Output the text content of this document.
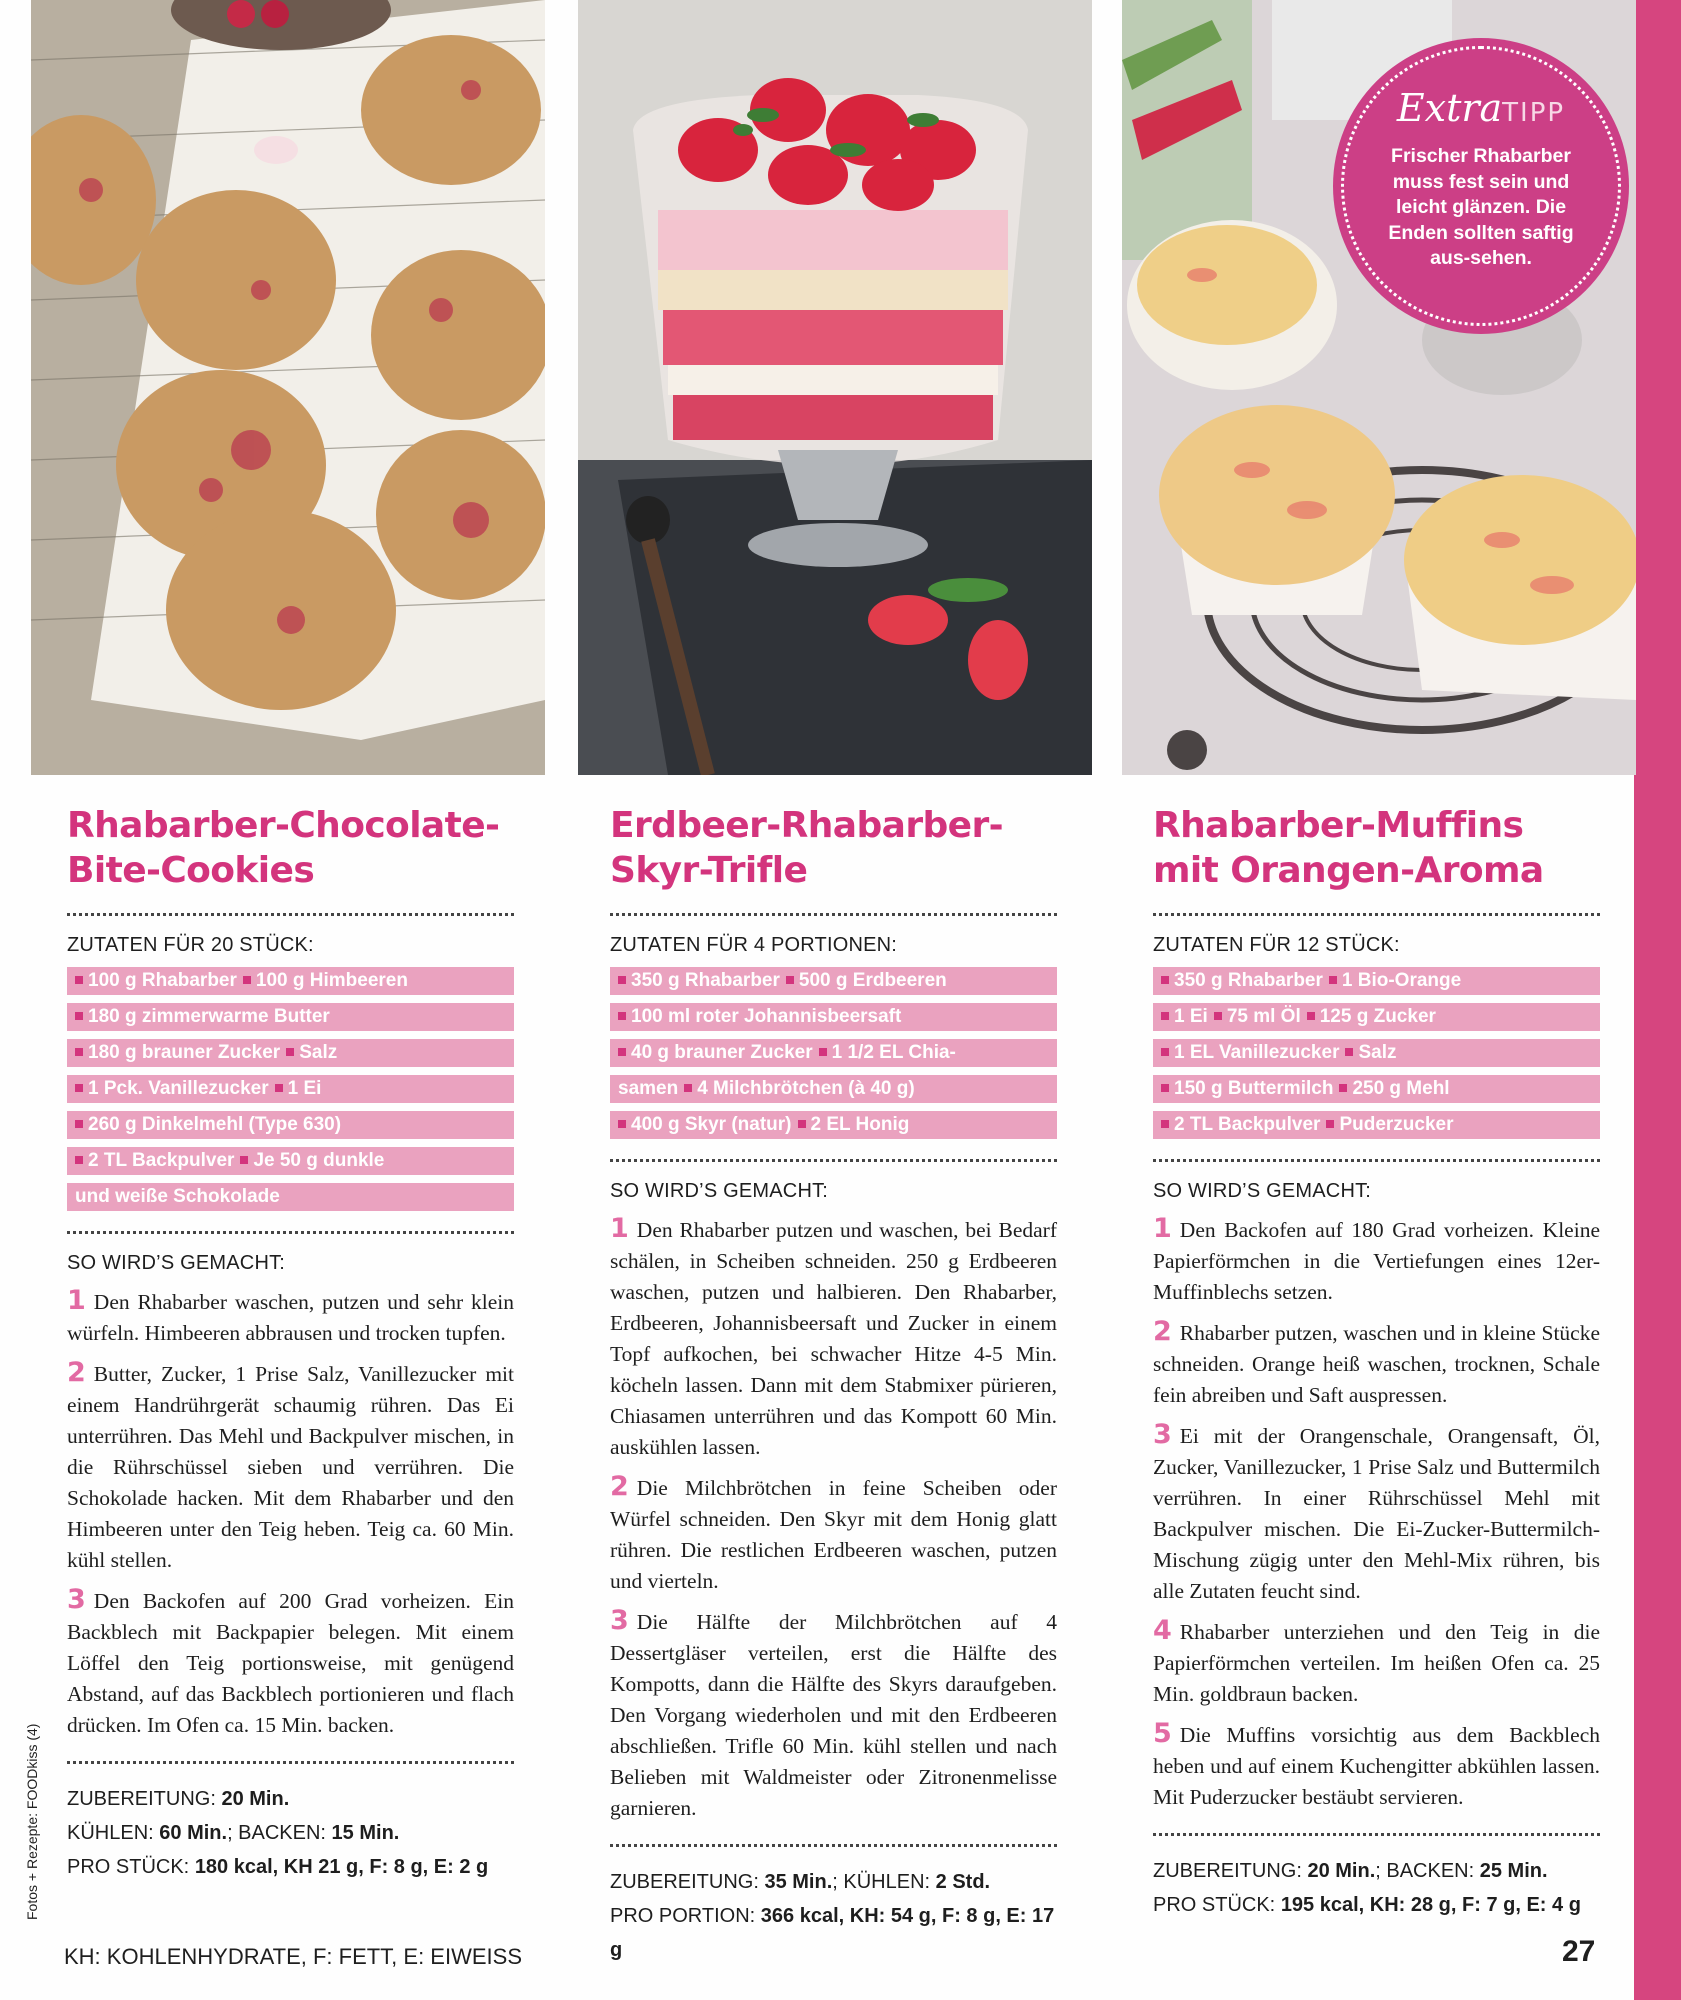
ExtraTIPP
Frischer Rhabarber muss fest sein und leicht glänzen. Die Enden sollten saftig aus-sehen.
Rhabarber-Chocolate-
Bite-Cookies
ZUTATEN FÜR 20 STÜCK:
100 g Rhabarber 100 g Himbeeren
180 g zimmerwarme Butter
180 g brauner Zucker Salz
1 Pck. Vanillezucker 1 Ei
260 g Dinkelmehl (Type 630)
2 TL Backpulver Je 50 g dunkle
und weiße Schokolade
SO WIRD’S GEMACHT:
1 Den Rhabarber waschen, putzen und sehr klein würfeln. Himbeeren abbrausen und trocken tupfen.
2 Butter, Zucker, 1 Prise Salz, Vanillezucker mit einem Handrührgerät schaumig rühren. Das Ei unterrühren. Das Mehl und Backpulver mischen, in die Rührschüssel sieben und verrühren. Die Schokolade hacken. Mit dem Rhabarber und den Himbeeren unter den Teig heben. Teig ca. 60 Min. kühl stellen.
3 Den Backofen auf 200 Grad vorheizen. Ein Backblech mit Backpapier belegen. Mit einem Löffel den Teig portionsweise, mit genügend Abstand, auf das Backblech portionieren und flach drücken. Im Ofen ca. 15 Min. backen.
ZUBEREITUNG: 20 Min.
KÜHLEN: 60 Min.; BACKEN: 15 Min.
PRO STÜCK: 180 kcal, KH 21 g, F: 8 g, E: 2 g
Erdbeer-Rhabarber-
Skyr-Trifle
ZUTATEN FÜR 4 PORTIONEN:
350 g Rhabarber 500 g Erdbeeren
100 ml roter Johannisbeersaft
40 g brauner Zucker 1 1/2 EL Chia-
samen 4 Milchbrötchen (à 40 g)
400 g Skyr (natur) 2 EL Honig
SO WIRD’S GEMACHT:
1 Den Rhabarber putzen und waschen, bei Bedarf schälen, in Scheiben schneiden. 250 g Erdbeeren waschen, putzen und halbieren. Den Rhabarber, Erdbeeren, Johannisbeersaft und Zucker in einem Topf aufkochen, bei schwacher Hitze 4-5 Min. köcheln lassen. Dann mit dem Stabmixer pürieren, Chiasamen unterrühren und das Kompott 60 Min. auskühlen lassen.
2 Die Milchbrötchen in feine Scheiben oder Würfel schneiden. Den Skyr mit dem Honig glatt rühren. Die restlichen Erdbeeren waschen, putzen und vierteln.
3 Die Hälfte der Milchbrötchen auf 4 Dessertgläser verteilen, erst die Hälfte des Kompotts, dann die Hälfte des Skyrs daraufgeben. Den Vorgang wiederholen und mit den Erdbeeren abschließen. Trifle 60 Min. kühl stellen und nach Belieben mit Waldmeister oder Zitronenmelisse garnieren.
ZUBEREITUNG: 35 Min.; KÜHLEN: 2 Std.
PRO PORTION: 366 kcal, KH: 54 g, F: 8 g, E: 17 g
Rhabarber-Muffins
mit Orangen-Aroma
ZUTATEN FÜR 12 STÜCK:
350 g Rhabarber 1 Bio-Orange
1 Ei 75 ml Öl 125 g Zucker
1 EL Vanillezucker Salz
150 g Buttermilch 250 g Mehl
2 TL Backpulver Puderzucker
SO WIRD’S GEMACHT:
1 Den Backofen auf 180 Grad vorheizen. Kleine Papierförmchen in die Vertiefungen eines 12er-Muffinblechs setzen.
2 Rhabarber putzen, waschen und in kleine Stücke schneiden. Orange heiß waschen, trocknen, Schale fein abreiben und Saft auspressen.
3 Ei mit der Orangenschale, Orangensaft, Öl, Zucker, Vanillezucker, 1 Prise Salz und Buttermilch verrühren. In einer Rührschüssel Mehl mit Backpulver mischen. Die Ei-Zucker-Buttermilch-Mischung zügig unter den Mehl-Mix rühren, bis alle Zutaten feucht sind.
4 Rhabarber unterziehen und den Teig in die Papierförmchen verteilen. Im heißen Ofen ca. 25 Min. goldbraun backen.
5 Die Muffins vorsichtig aus dem Backblech heben und auf einem Kuchengitter abkühlen lassen. Mit Puderzucker bestäubt servieren.
ZUBEREITUNG: 20 Min.; BACKEN: 25 Min.
PRO STÜCK: 195 kcal, KH: 28 g, F: 7 g, E: 4 g
KH: KOHLENHYDRATE, F: FETT, E: EIWEISS	27
Fotos + Rezepte: FOODkiss (4)
